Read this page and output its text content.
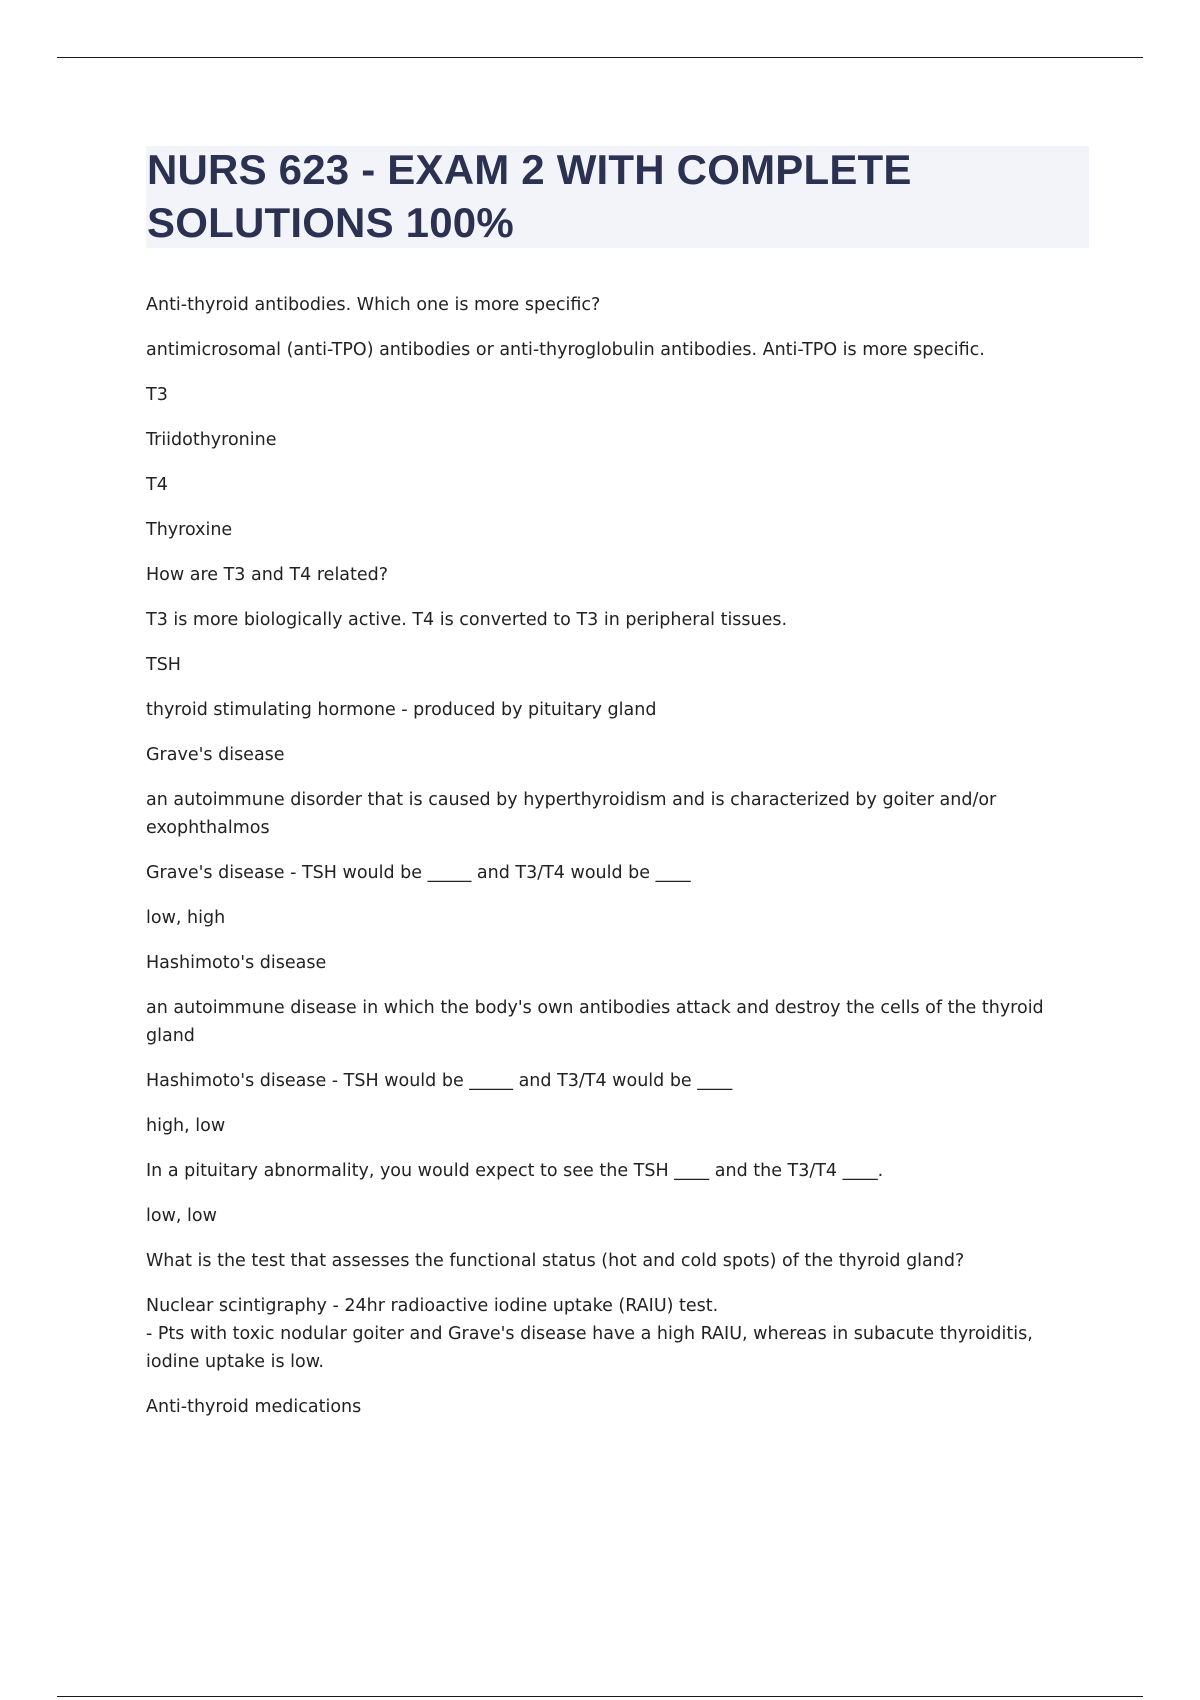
NURS 623 - EXAM 2 WITH COMPLETE SOLUTIONS 100%

Anti-thyroid antibodies. Which one is more specific?

antimicrosomal (anti-TPO) antibodies or anti-thyroglobulin antibodies. Anti-TPO is more specific.

T3

Triidothyronine

T4

Thyroxine

How are T3 and T4 related?

T3 is more biologically active. T4 is converted to T3 in peripheral tissues.

TSH

thyroid stimulating hormone - produced by pituitary gland

Grave's disease

an autoimmune disorder that is caused by hyperthyroidism and is characterized by goiter and/or exophthalmos

Grave's disease - TSH would be _____ and T3/T4 would be ____

low, high

Hashimoto's disease

an autoimmune disease in which the body's own antibodies attack and destroy the cells of the thyroid gland

Hashimoto's disease - TSH would be _____ and T3/T4 would be ____

high, low

In a pituitary abnormality, you would expect to see the TSH ____ and the T3/T4 ____.

low, low

What is the test that assesses the functional status (hot and cold spots) of the thyroid gland?

Nuclear scintigraphy - 24hr radioactive iodine uptake (RAIU) test.
- Pts with toxic nodular goiter and Grave's disease have a high RAIU, whereas in subacute thyroiditis, iodine uptake is low.

Anti-thyroid medications
